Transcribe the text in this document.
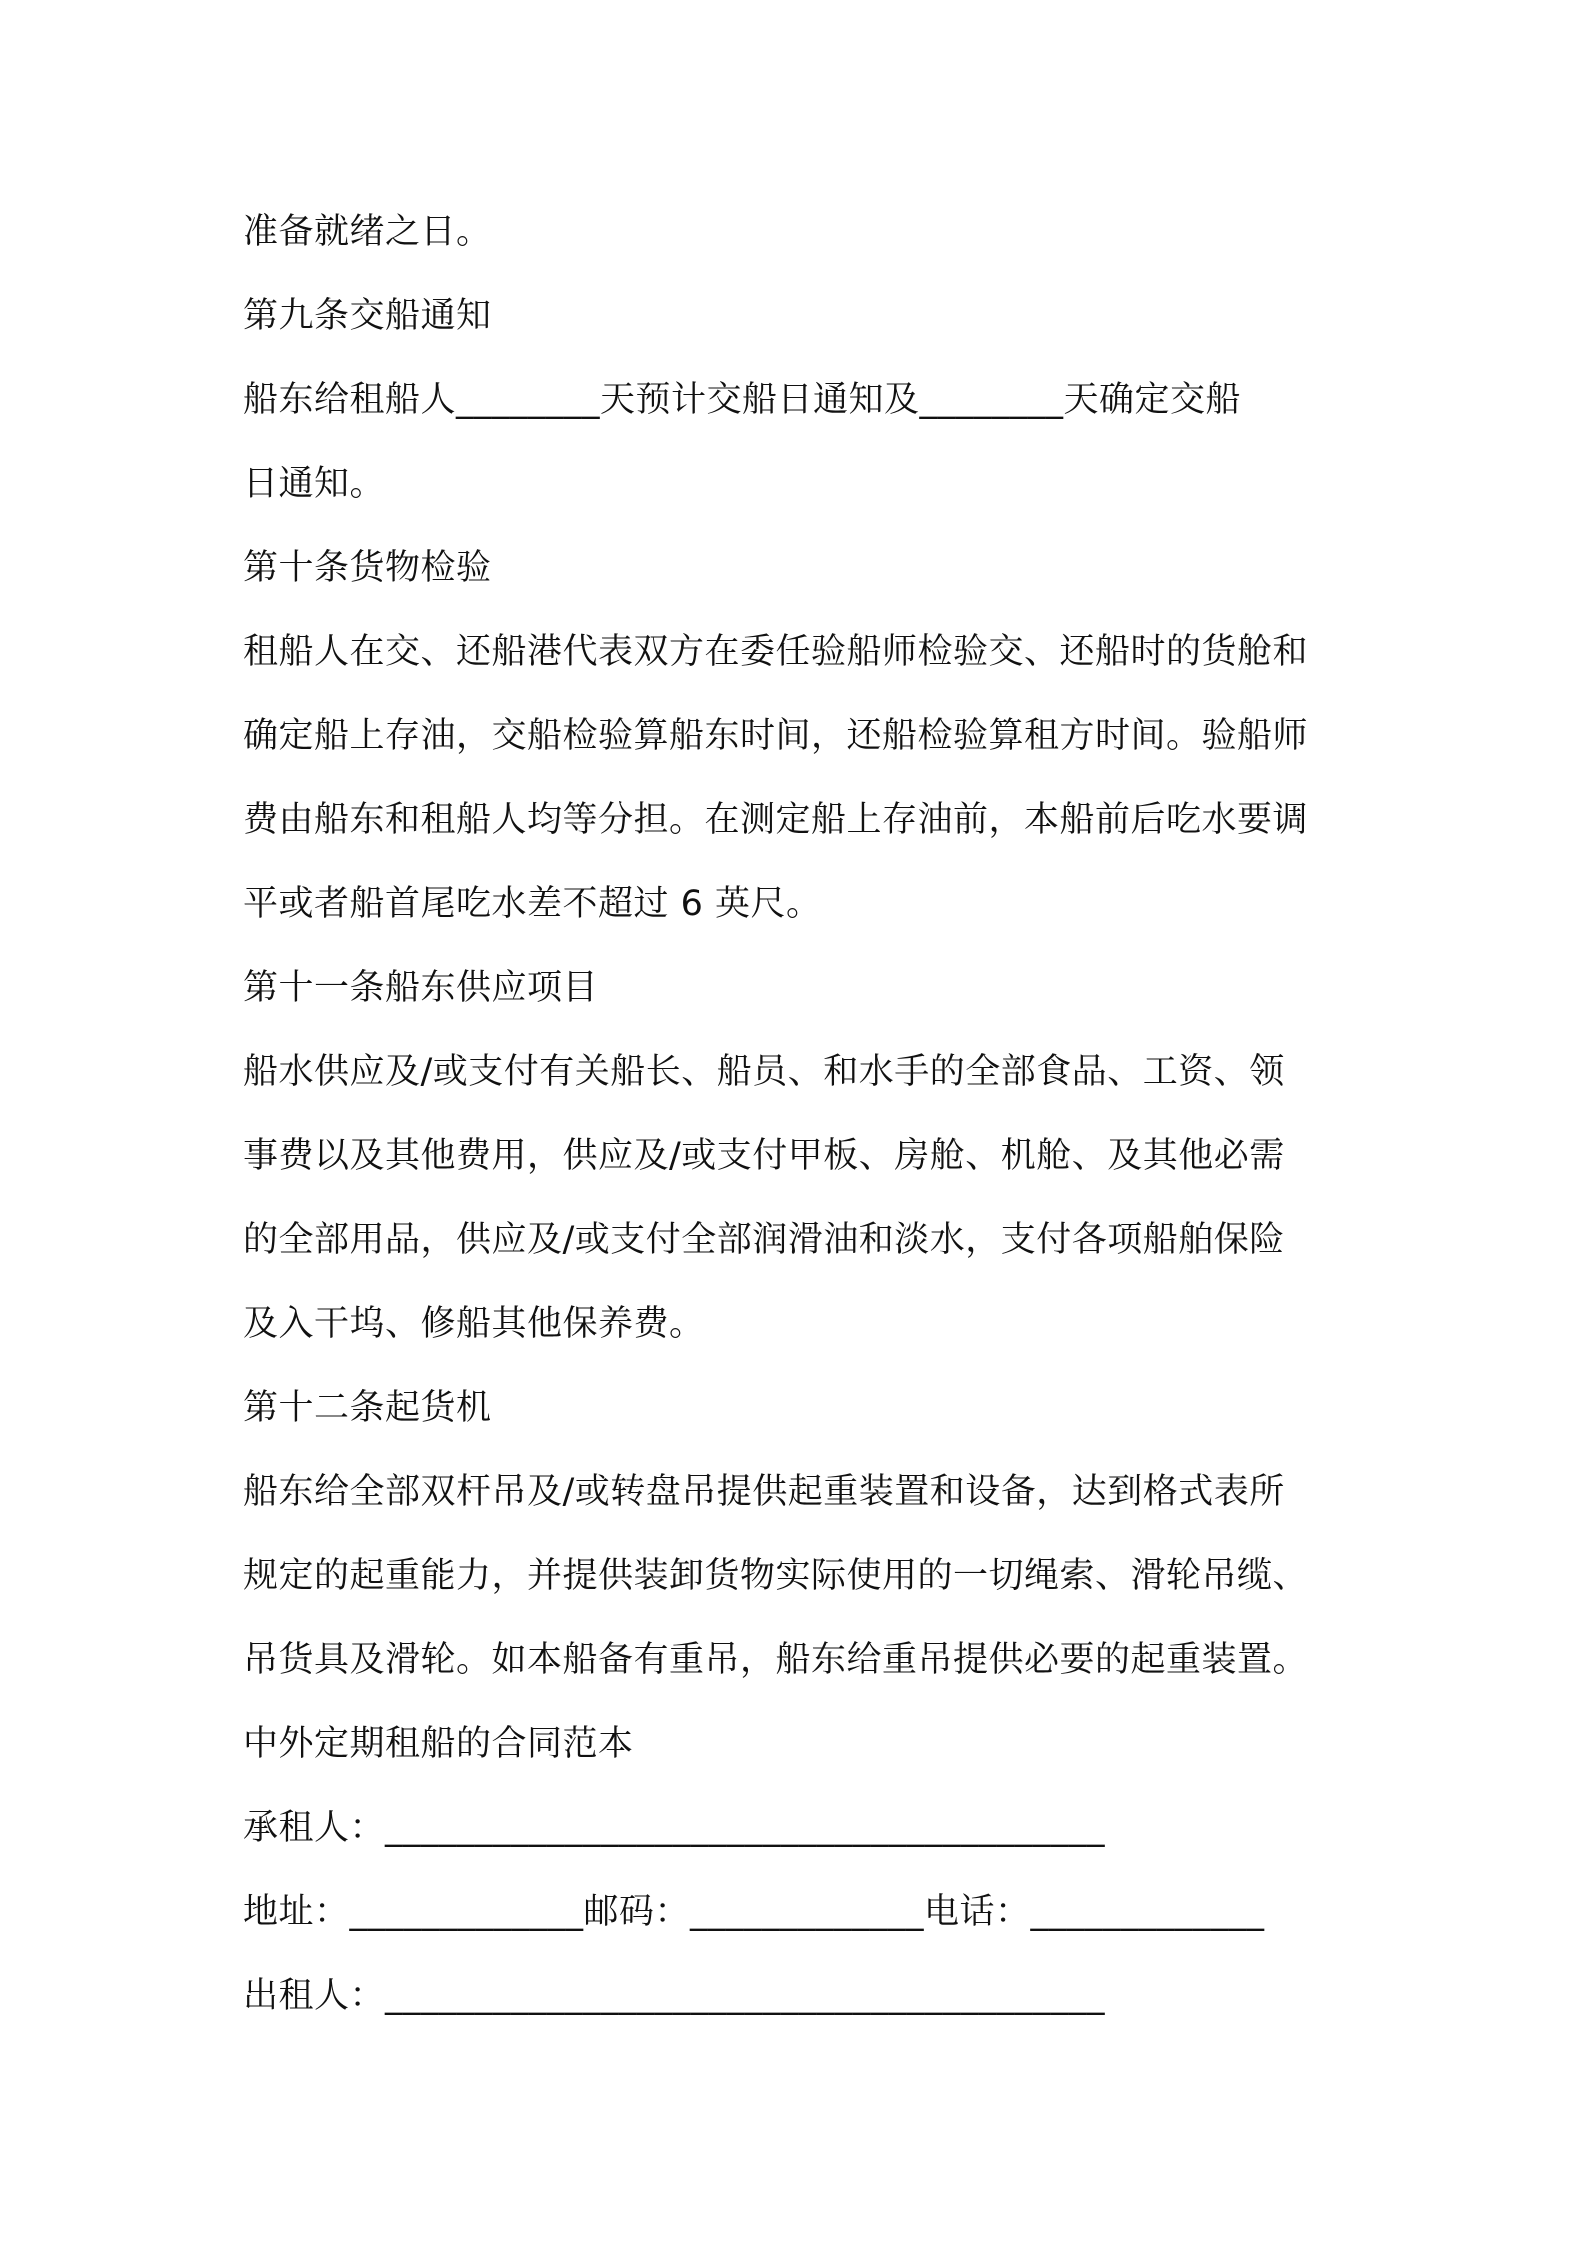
准备就绪之日。

第九条交船通知

船东给租船人________天预计交船日通知及________天确定交船

日通知。

第十条货物检验

租船人在交、还船港代表双方在委任验船师检验交、还船时的货舱和

确定船上存油，交船检验算船东时间，还船检验算租方时间。验船师

费由船东和租船人均等分担。在测定船上存油前，本船前后吃水要调

平或者船首尾吃水差不超过 6 英尺。

第十一条船东供应项目

船水供应及/或支付有关船长、船员、和水手的全部食品、工资、领

事费以及其他费用，供应及/或支付甲板、房舱、机舱、及其他必需

的全部用品，供应及/或支付全部润滑油和淡水，支付各项船舶保险

及入干坞、修船其他保养费。

第十二条起货机

船东给全部双杆吊及/或转盘吊提供起重装置和设备，达到格式表所

规定的起重能力，并提供装卸货物实际使用的一切绳索、滑轮吊缆、

吊货具及滑轮。如本船备有重吊，船东给重吊提供必要的起重装置。

中外定期租船的合同范本

承租人：________________________________________

地址：_____________邮码：_____________电话：_____________

出租人：________________________________________
